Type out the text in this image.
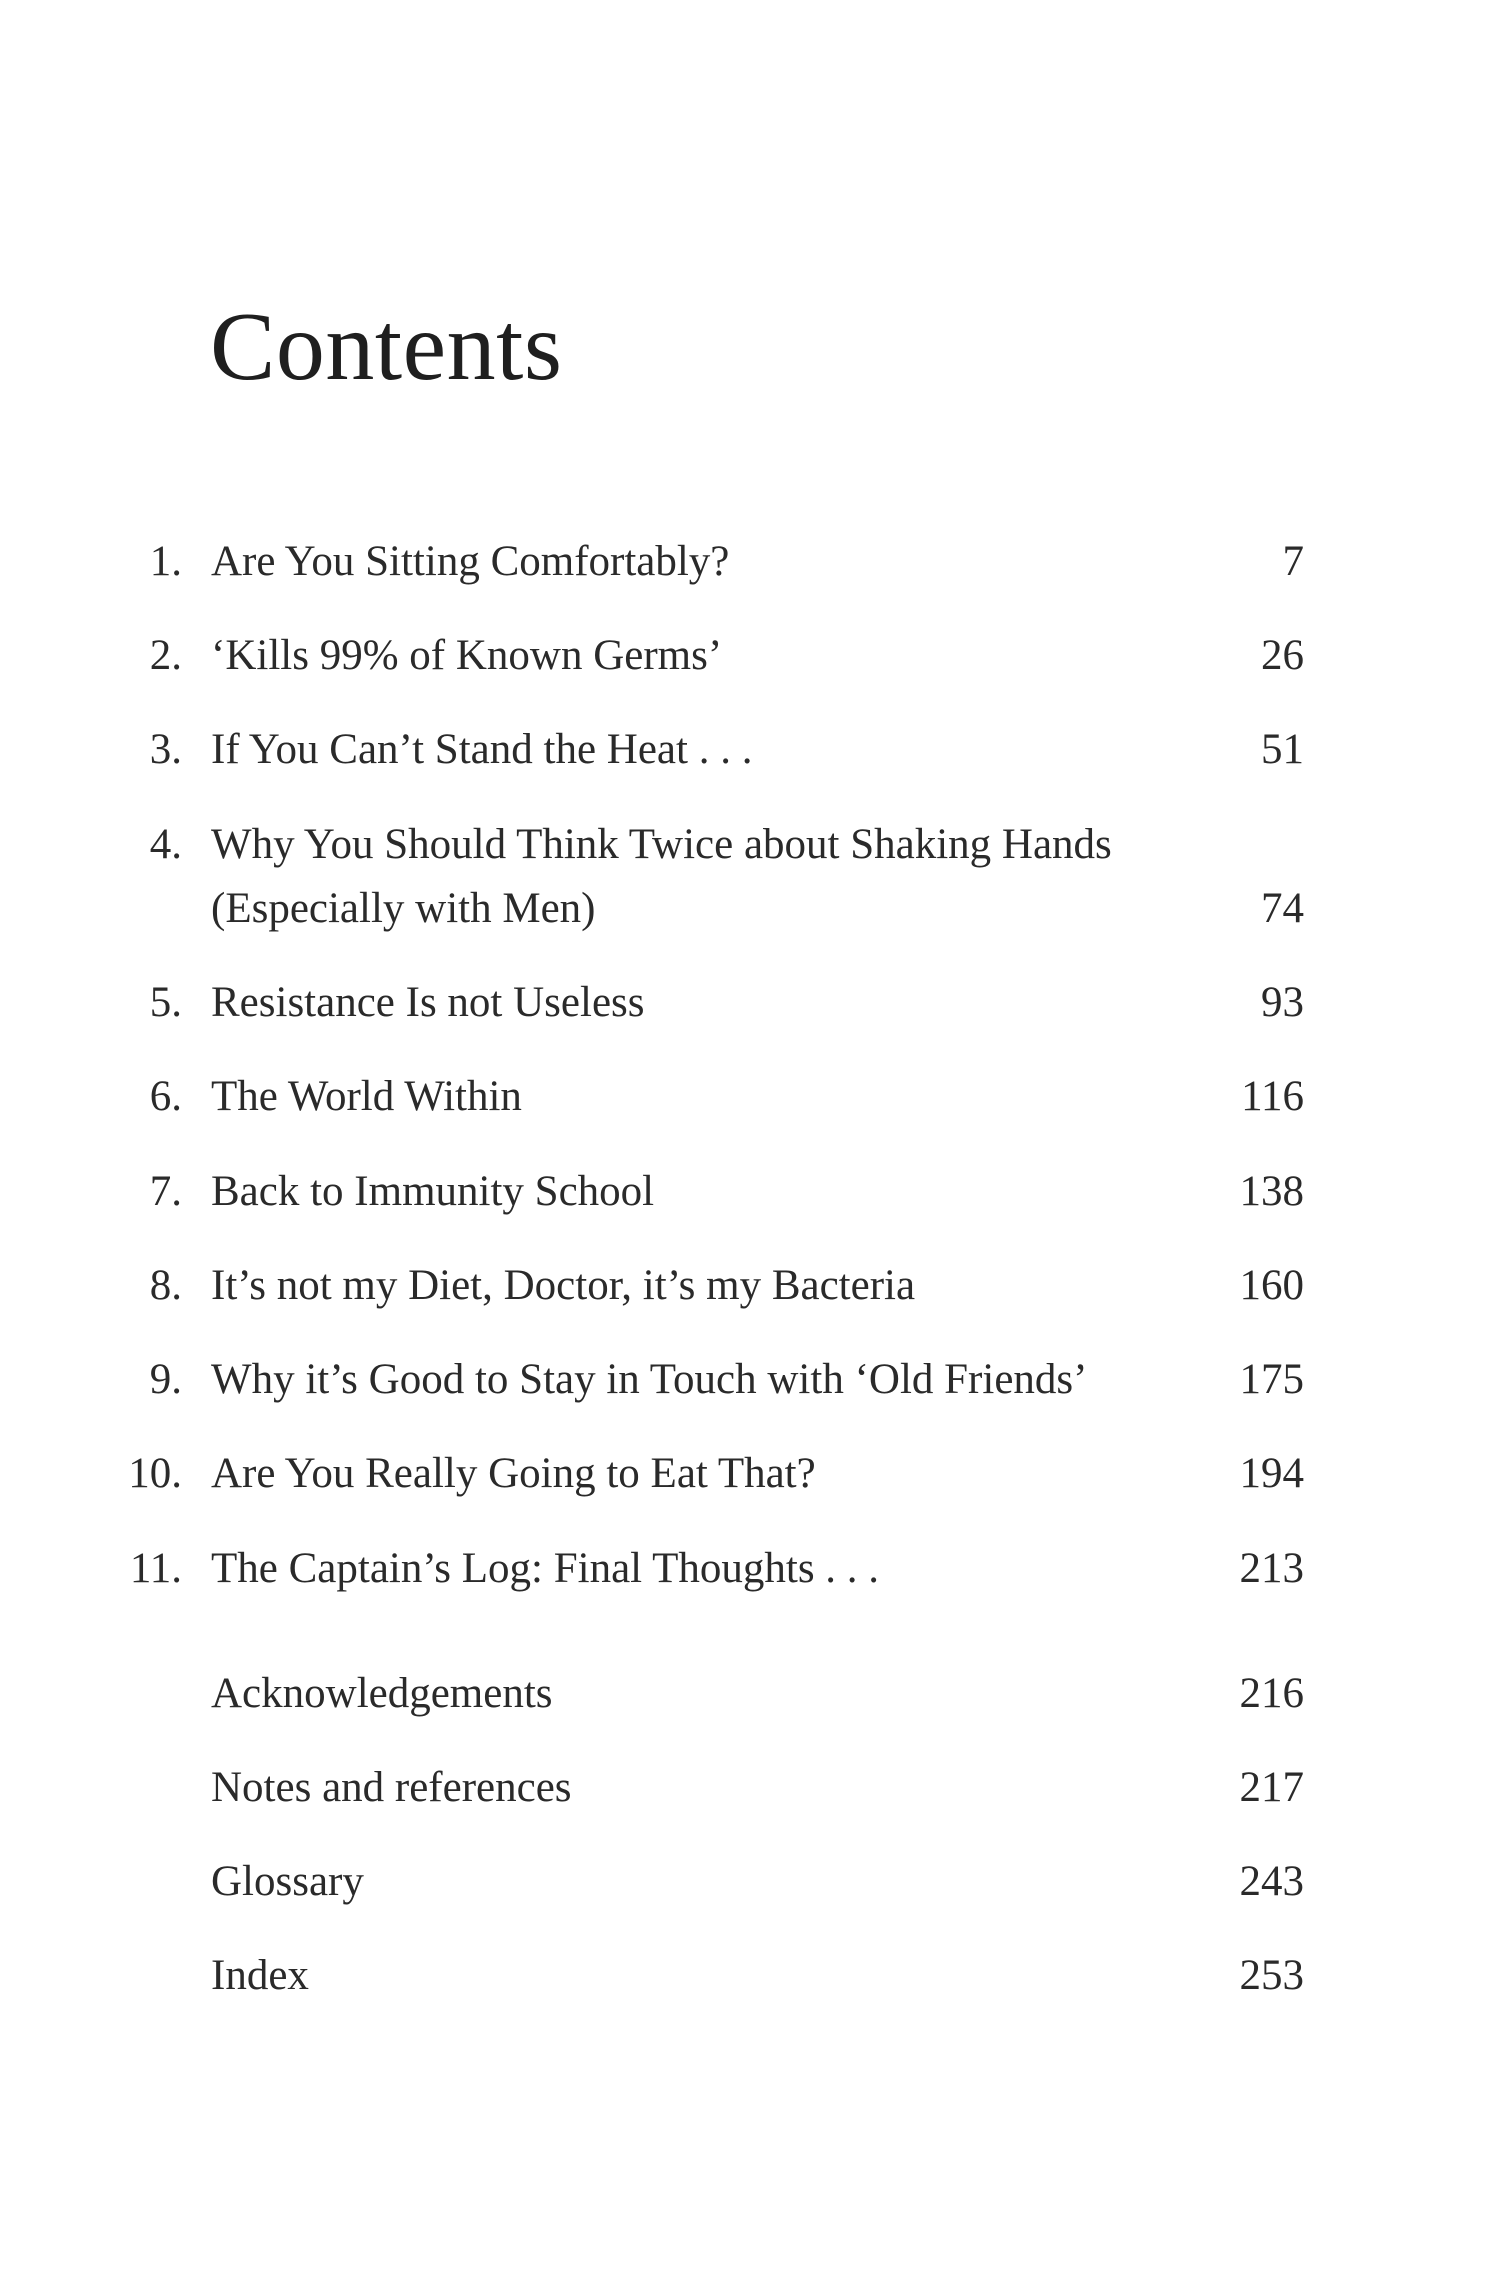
Contents
1. Are You Sitting Comfortably?	7
2. ‘Kills 99% of Known Germs’	26
3. If You Can’t Stand the Heat . . .	51
4. Why You Should Think Twice about Shaking Hands
(Especially with Men)	74
5. Resistance Is not Useless	93
6. The World Within	116
7. Back to Immunity School	138
8. It’s not my Diet, Doctor, it’s my Bacteria	160
9. Why it’s Good to Stay in Touch with ‘Old Friends’	175
10. Are You Really Going to Eat That?	194
11. The Captain’s Log: Final Thoughts . . .	213
Acknowledgements	216
Notes and references	217
Glossary	243
Index	253
